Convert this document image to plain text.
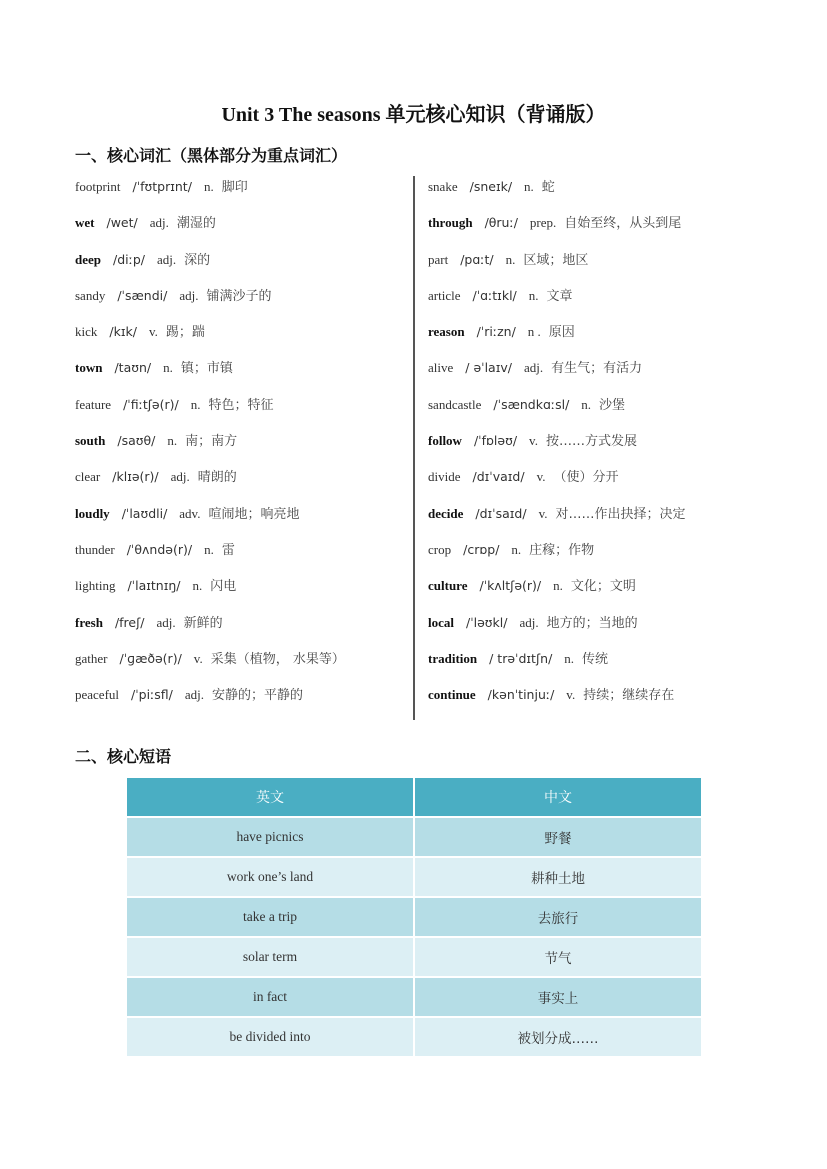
Unit 3 The seasons 单元核心知识（背诵版）
一、核心词汇（黑体部分为重点词汇）
footprint /ˈfʊtprɪnt/ n. 脚印
wet /wet/ adj. 潮湿的
deep /diːp/ adj. 深的
sandy /ˈsændi/ adj. 铺满沙子的
kick /kɪk/ v. 踢；踹
town /taʊn/ n. 镇；市镇
feature /ˈfiːtʃə(r)/ n. 特色；特征
south /saʊθ/ n. 南；南方
clear /klɪə(r)/ adj. 晴朗的
loudly /ˈlaʊdli/ adv. 喧闹地；响亮地
thunder /ˈθʌndə(r)/ n. 雷
lighting /ˈlaɪtnɪŋ/ n. 闪电
fresh /freʃ/ adj. 新鲜的
gather /ˈɡæðə(r)/ v. 采集（植物， 水果等）
peaceful /ˈpiːsfl/ adj. 安静的；平静的
snake /sneɪk/ n. 蛇
through /θruː/ prep. 自始至终，从头到尾
part /pɑːt/ n. 区域；地区
article /ˈɑːtɪkl/ n. 文章
reason /ˈriːzn/ n . 原因
alive / əˈlaɪv/ adj. 有生气；有活力
sandcastle /ˈsændkɑːsl/ n. 沙堡
follow /ˈfɒləʊ/ v. 按……方式发展
divide /dɪˈvaɪd/ v. （使）分开
decide /dɪˈsaɪd/ v. 对……作出抉择；决定
crop /crɒp/ n. 庄稼；作物
culture /ˈkʌltʃə(r)/ n. 文化；文明
local /ˈləʊkl/ adj. 地方的；当地的
tradition / trəˈdɪtʃn/ n. 传统
continue /kənˈtinjuː/ v. 持续；继续存在
二、核心短语
英文	中文
have picnics	野餐
work one’s land	耕种土地
take a trip	去旅行
solar term	节气
in fact	事实上
be divided into	被划分成……
